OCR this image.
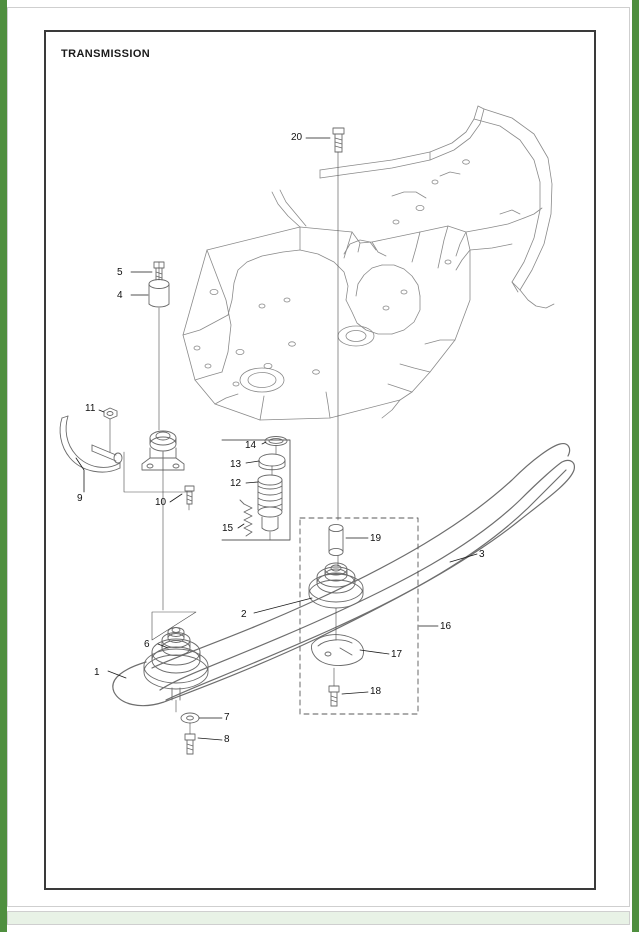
TRANSMISSION
1
2
3
4
5
6
7
8
9	10
11
12
13
14
15
16
17
18
19
20
